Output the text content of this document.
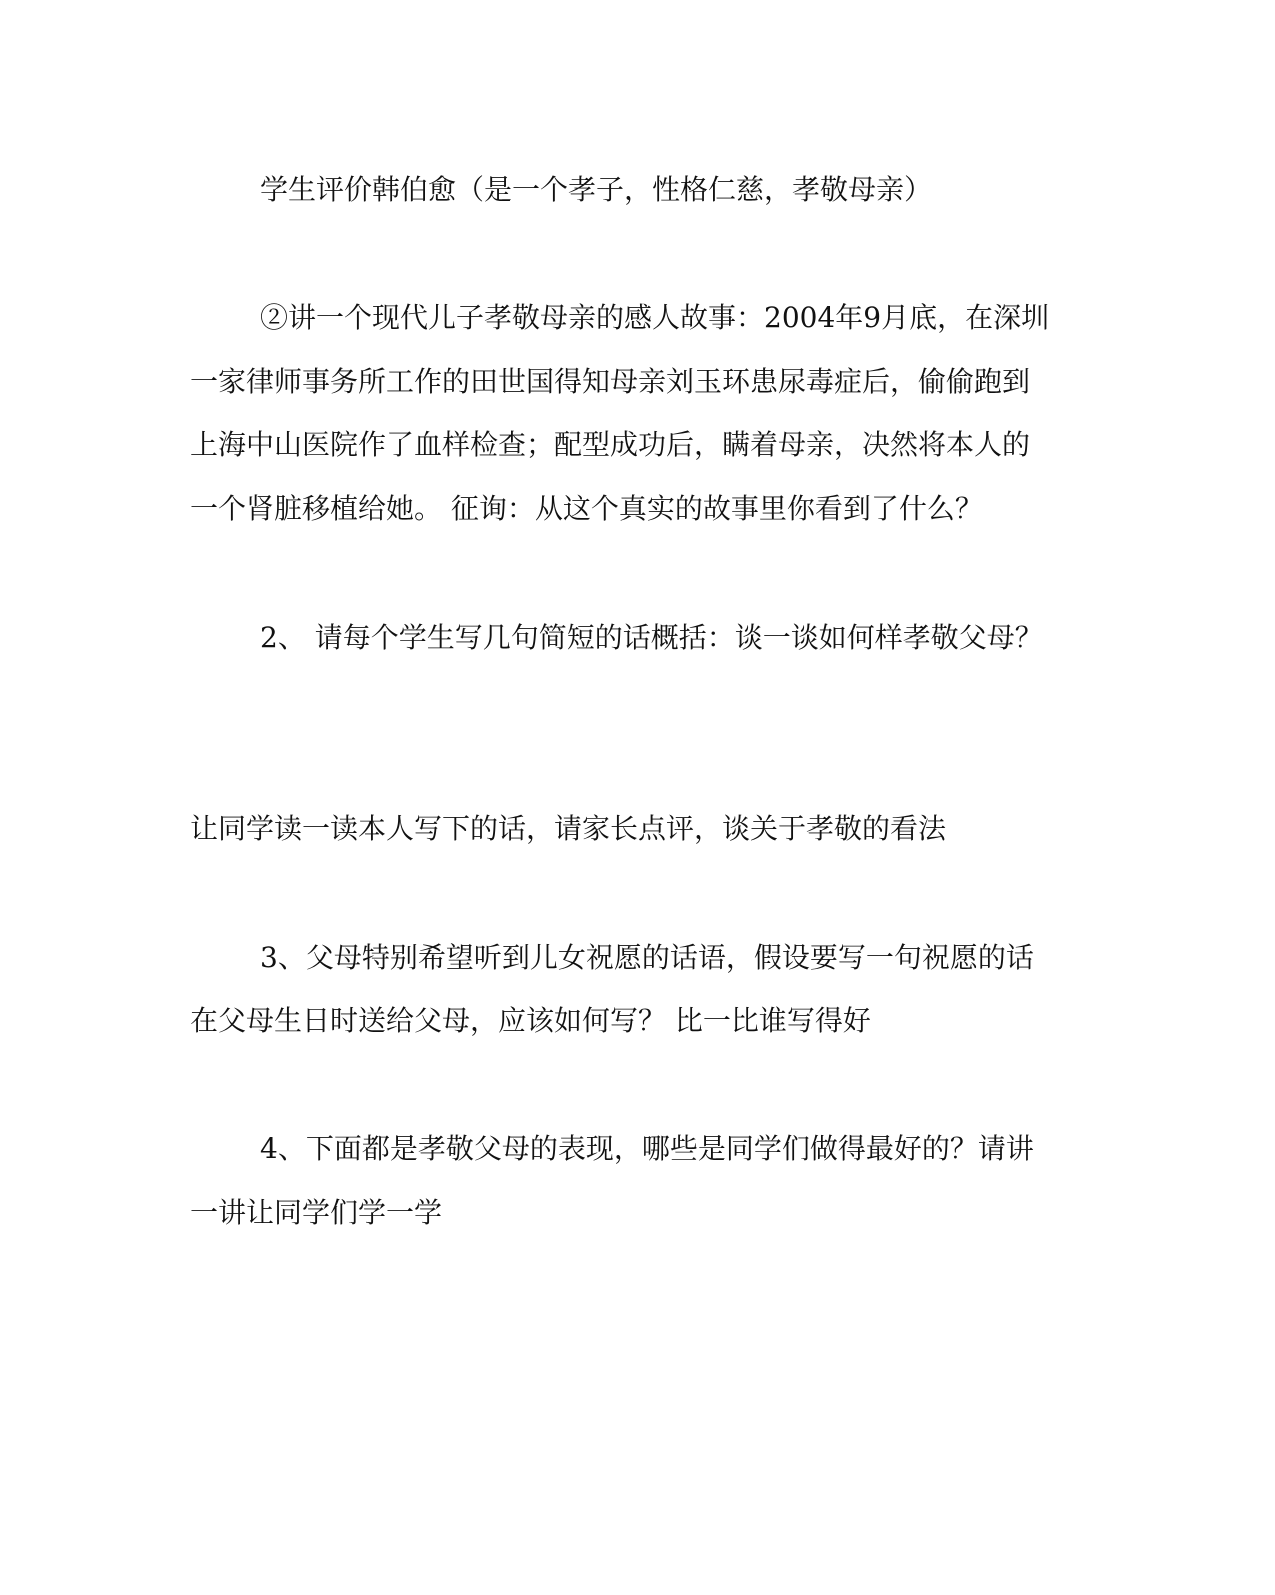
学生评价韩伯愈（是一个孝子，性格仁慈，孝敬母亲）
②讲一个现代儿子孝敬母亲的感人故事：2004年9月底，在深圳
一家律师事务所工作的田世国得知母亲刘玉环患尿毒症后，偷偷跑到
上海中山医院作了血样检查；配型成功后，瞒着母亲，决然将本人的
一个肾脏移植给她。 征询：从这个真实的故事里你看到了什么？
2、 请每个学生写几句简短的话概括：谈一谈如何样孝敬父母？
让同学读一读本人写下的话，请家长点评，谈关于孝敬的看法
3、父母特别希望听到儿女祝愿的话语，假设要写一句祝愿的话
在父母生日时送给父母，应该如何写？ 比一比谁写得好
4、下面都是孝敬父母的表现，哪些是同学们做得最好的？请讲
一讲让同学们学一学
